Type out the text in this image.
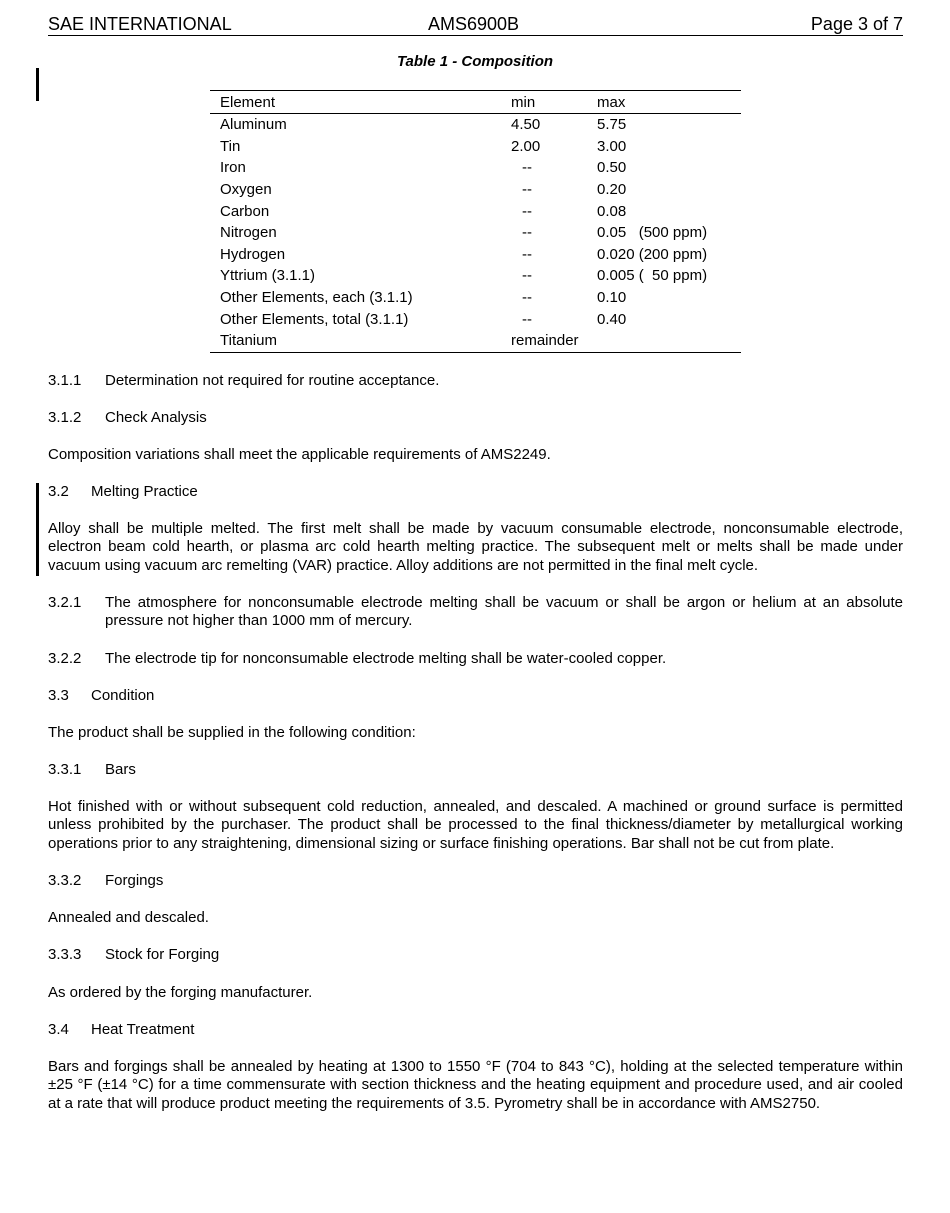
SAE INTERNATIONAL	AMS6900B	Page 3 of 7
Table 1 - Composition
Element	min	max
Aluminum	4.50	5.75
Tin	2.00	3.00
Iron	--	0.50
Oxygen	--	0.20
Carbon	--	0.08
Nitrogen	--	0.05   (500 ppm)
Hydrogen	--	0.020 (200 ppm)
Yttrium (3.1.1)	--	0.005 (  50 ppm)
Other Elements, each (3.1.1)	--	0.10
Other Elements, total (3.1.1)	--	0.40
Titanium	remainder	
3.1.1 Determination not required for routine acceptance.
3.1.2 Check Analysis

Composition variations shall meet the applicable requirements of AMS2249.

3.2 Melting Practice

Alloy shall be multiple melted. The first melt shall be made by vacuum consumable electrode, nonconsumable electrode, electron beam cold hearth, or plasma arc cold hearth melting practice. The subsequent melt or melts shall be made under vacuum using vacuum arc remelting (VAR) practice. Alloy additions are not permitted in the final melt cycle.

3.2.1 The atmosphere for nonconsumable electrode melting shall be vacuum or shall be argon or helium at an absolute pressure not higher than 1000 mm of mercury.
3.2.2 The electrode tip for nonconsumable electrode melting shall be water-cooled copper.
3.3 Condition

The product shall be supplied in the following condition:

3.3.1 Bars

Hot finished with or without subsequent cold reduction, annealed, and descaled. A machined or ground surface is permitted unless prohibited by the purchaser. The product shall be processed to the final thickness/diameter by metallurgical working operations prior to any straightening, dimensional sizing or surface finishing operations. Bar shall not be cut from plate.

3.3.2 Forgings

Annealed and descaled.

3.3.3 Stock for Forging

As ordered by the forging manufacturer.

3.4 Heat Treatment

Bars and forgings shall be annealed by heating at 1300 to 1550 °F (704 to 843 °C), holding at the selected temperature within ±25 °F (±14 °C) for a time commensurate with section thickness and the heating equipment and procedure used, and air cooled at a rate that will produce product meeting the requirements of 3.5. Pyrometry shall be in accordance with AMS2750.
